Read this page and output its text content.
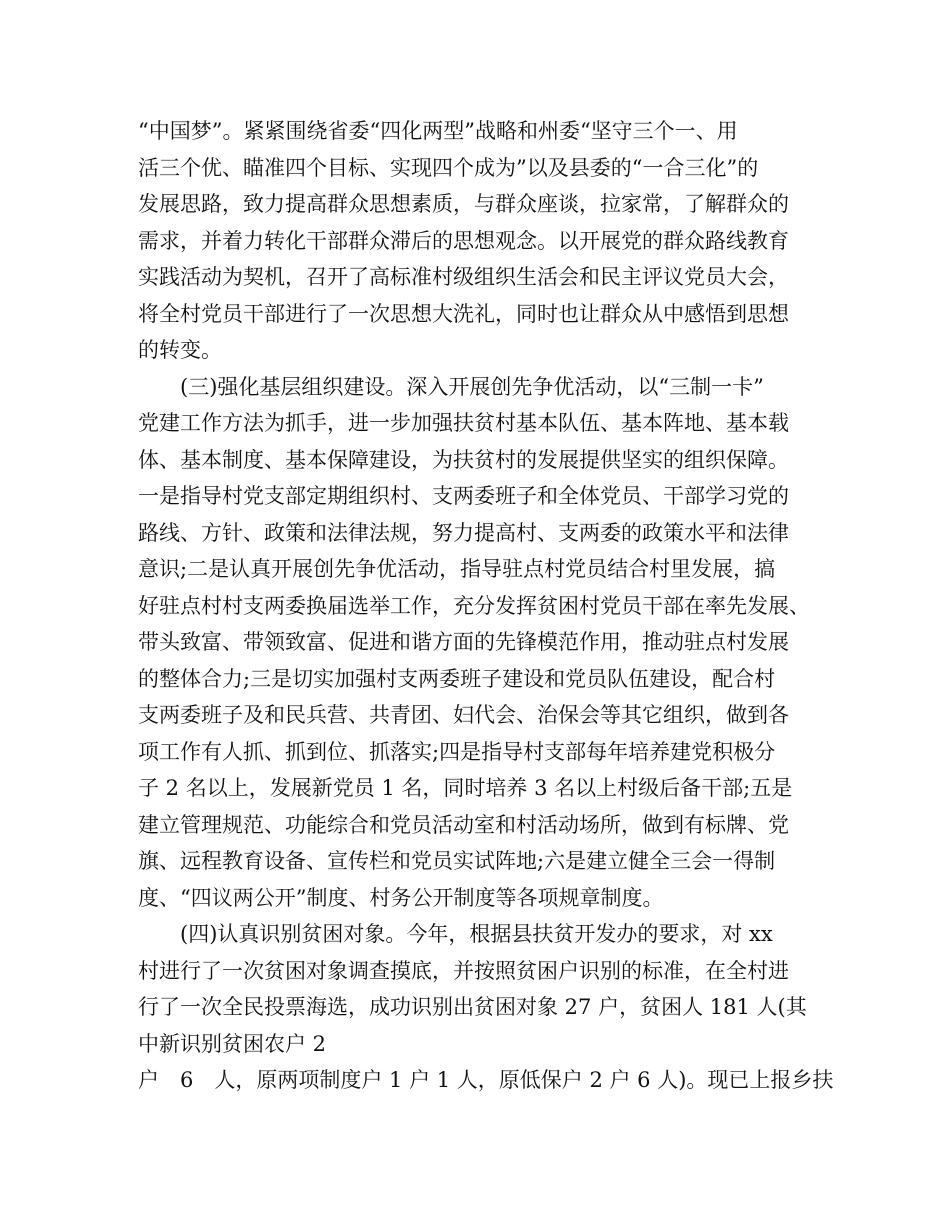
“中国梦”。紧紧围绕省委“四化两型”战略和州委“坚守三个一、用
活三个优、瞄准四个目标、实现四个成为”以及县委的“一合三化”的
发展思路，致力提高群众思想素质，与群众座谈，拉家常，了解群众的
需求，并着力转化干部群众滞后的思想观念。以开展党的群众路线教育
实践活动为契机，召开了高标准村级组织生活会和民主评议党员大会，
将全村党员干部进行了一次思想大洗礼，同时也让群众从中感悟到思想
的转变。
(三)强化基层组织建设。深入开展创先争优活动，以“三制一卡”
党建工作方法为抓手，进一步加强扶贫村基本队伍、基本阵地、基本载
体、基本制度、基本保障建设，为扶贫村的发展提供坚实的组织保障。
一是指导村党支部定期组织村、支两委班子和全体党员、干部学习党的
路线、方针、政策和法律法规，努力提高村、支两委的政策水平和法律
意识;二是认真开展创先争优活动，指导驻点村党员结合村里发展，搞
好驻点村村支两委换届选举工作，充分发挥贫困村党员干部在率先发展、
带头致富、带领致富、促进和谐方面的先锋模范作用，推动驻点村发展
的整体合力;三是切实加强村支两委班子建设和党员队伍建设，配合村
支两委班子及和民兵营、共青团、妇代会、治保会等其它组织，做到各
项工作有人抓、抓到位、抓落实;四是指导村支部每年培养建党积极分
子 2 名以上，发展新党员 1 名，同时培养 3 名以上村级后备干部;五是
建立管理规范、功能综合和党员活动室和村活动场所，做到有标牌、党
旗、远程教育设备、宣传栏和党员实试阵地;六是建立健全三会一得制
度、“四议两公开”制度、村务公开制度等各项规章制度。
(四)认真识别贫困对象。今年，根据县扶贫开发办的要求，对 xx
村进行了一次贫困对象调查摸底，并按照贫困户识别的标准，在全村进
行了一次全民投票海选，成功识别出贫困对象 27 户，贫困人 181 人(其
中新识别贫困农户 2
户　6　人，原两项制度户 1 户 1 人，原低保户 2 户 6 人)。现已上报乡扶
